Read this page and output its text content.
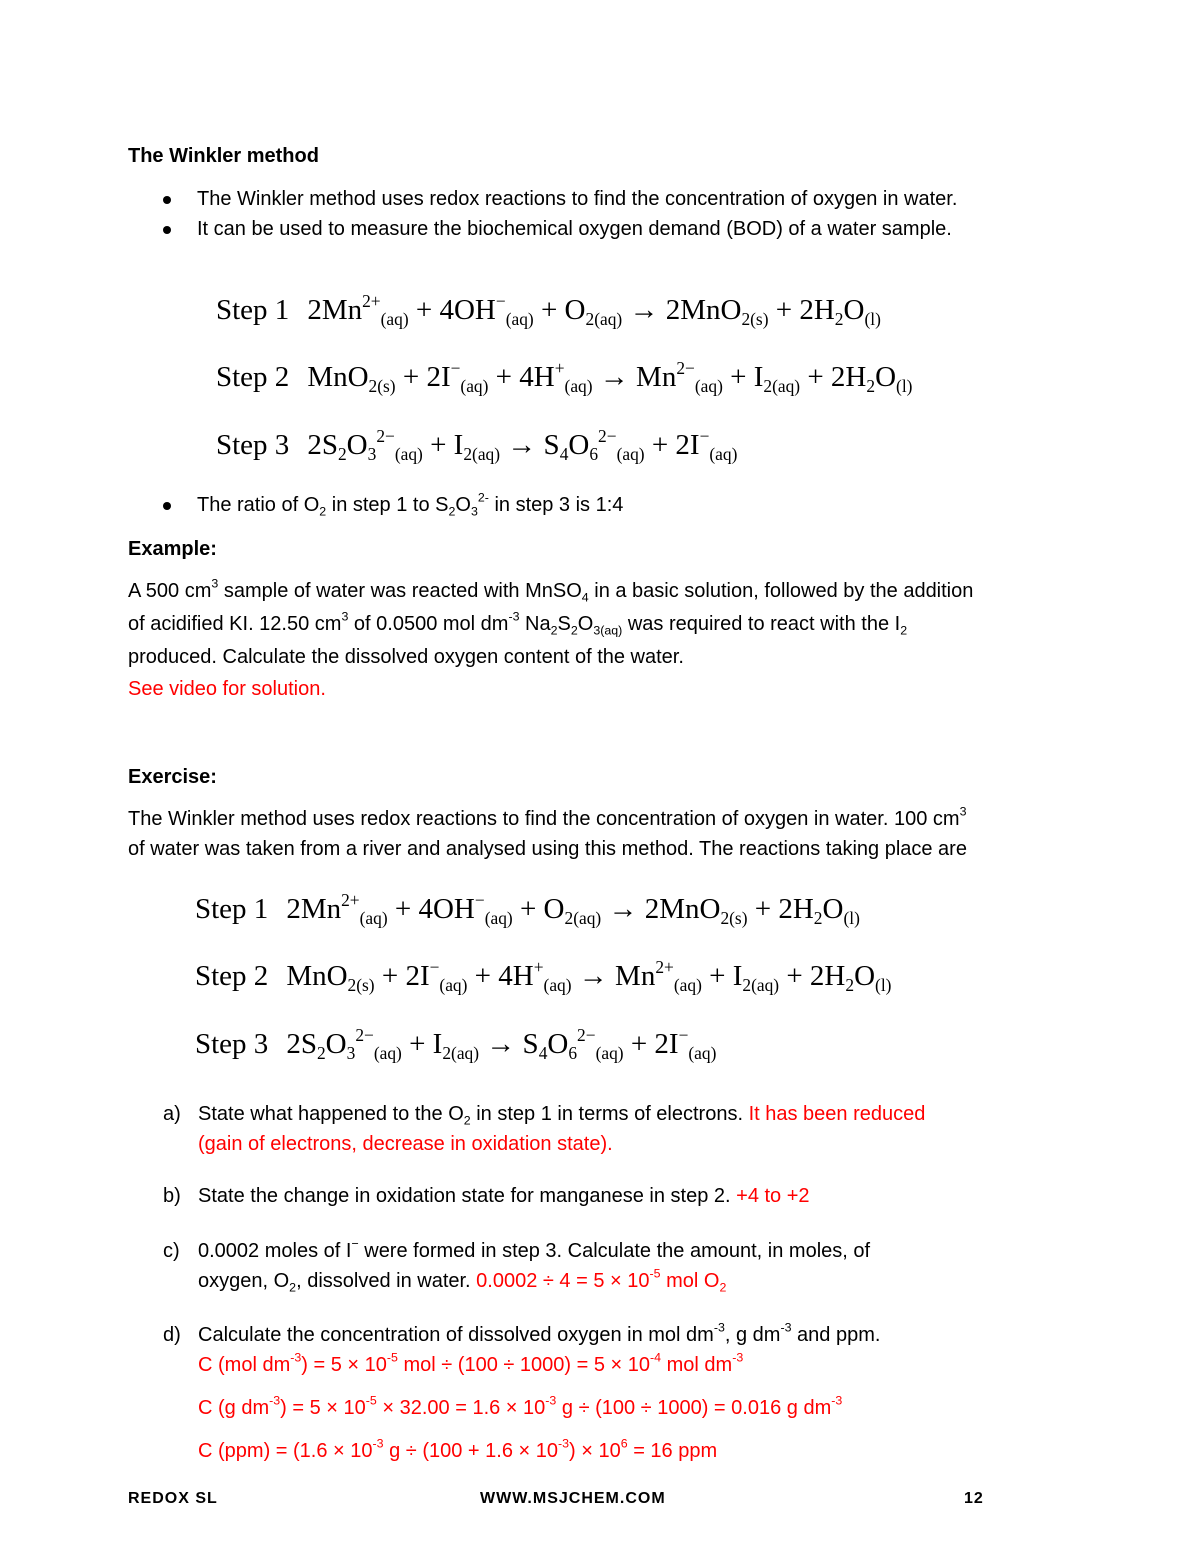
The Winkler method
The Winkler method uses redox reactions to find the concentration of oxygen in water.
It can be used to measure the biochemical oxygen demand (BOD) of a water sample.
Step 1 $2Mn^{2+}_{(aq)} + 4OH^-_{(aq)} + O_{2(aq)} \to 2MnO_{2(s)} + 2H_2O_{(l)}$
Step 2 $MnO_{2(s)} + 2I^-_{(aq)} + 4H^+_{(aq)} \to Mn^{2-}_{(aq)} + I_{2(aq)} + 2H_2O_{(l)}$
Step 3 $2S_2O_3^{2-}_{(aq)} + I_{2(aq)} \to S_4O_6^{2-}_{(aq)} + 2I^-_{(aq)}$
The ratio of $O_2$ in step 1 to $S_2O_3^{2-}$ in step 3 is 1:4
Example:
A 500 $cm^3$ sample of water was reacted with MnSO$_4$ in a basic solution, followed by the addition
of acidified KI. 12.50 $cm^3$ of 0.0500 mol $dm^{-3}$ $Na_2S_2O_{3(aq)}$ was required to react with the $I_2$
produced. Calculate the dissolved oxygen content of the water.
See video for solution.
Exercise:
The Winkler method uses redox reactions to find the concentration of oxygen in water. 100 $cm^3$
of water was taken from a river and analysed using this method. The reactions taking place are
Step 1 $2Mn^{2+}_{(aq)} + 4OH^-_{(aq)} + O_{2(aq)} \to 2MnO_{2(s)} + 2H_2O_{(l)}$
Step 2 $MnO_{2(s)} + 2I^-_{(aq)} + 4H^+_{(aq)} \to Mn^{2+}_{(aq)} + I_{2(aq)} + 2H_2O_{(l)}$
Step 3 $2S_2O_3^{2-}_{(aq)} + I_{2(aq)} \to S_4O_6^{2-}_{(aq)} + 2I^-_{(aq)}$
a) State what happened to the $O_2$ in step 1 in terms of electrons. It has been reduced
(gain of electrons, decrease in oxidation state).
b) State the change in oxidation state for manganese in step 2. +4 to +2
c) 0.0002 moles of I− were formed in step 3. Calculate the amount, in moles, of
oxygen, $O_2$, dissolved in water. $0.0002 \div 4 = 5 \times 10^{-5}$ mol $O_2$
d) Calculate the concentration of dissolved oxygen in mol $dm^{-3}$, g $dm^{-3}$ and ppm.
C (mol $dm^{-3}) = 5 \times 10^{-5}$ mol ÷ $(100 \div 1000) = 5 \times 10^{-4}$ mol $dm^{-3}$
C (g $dm^{-3}) = 5 \times 10^{-5} \times 32.00 = 1.6 \times 10^{-3}$ g ÷ (100 ÷ 1000) = 0.016 g $dm^{-3}$
C $(ppm) = (1.6 \times 10^{-3}$ $g \div (100 + 1.6 \times 10^{-3}) \times 10^6 = 16$ ppm
REDOX SL	WWW.MSJCHEM.COM	12
